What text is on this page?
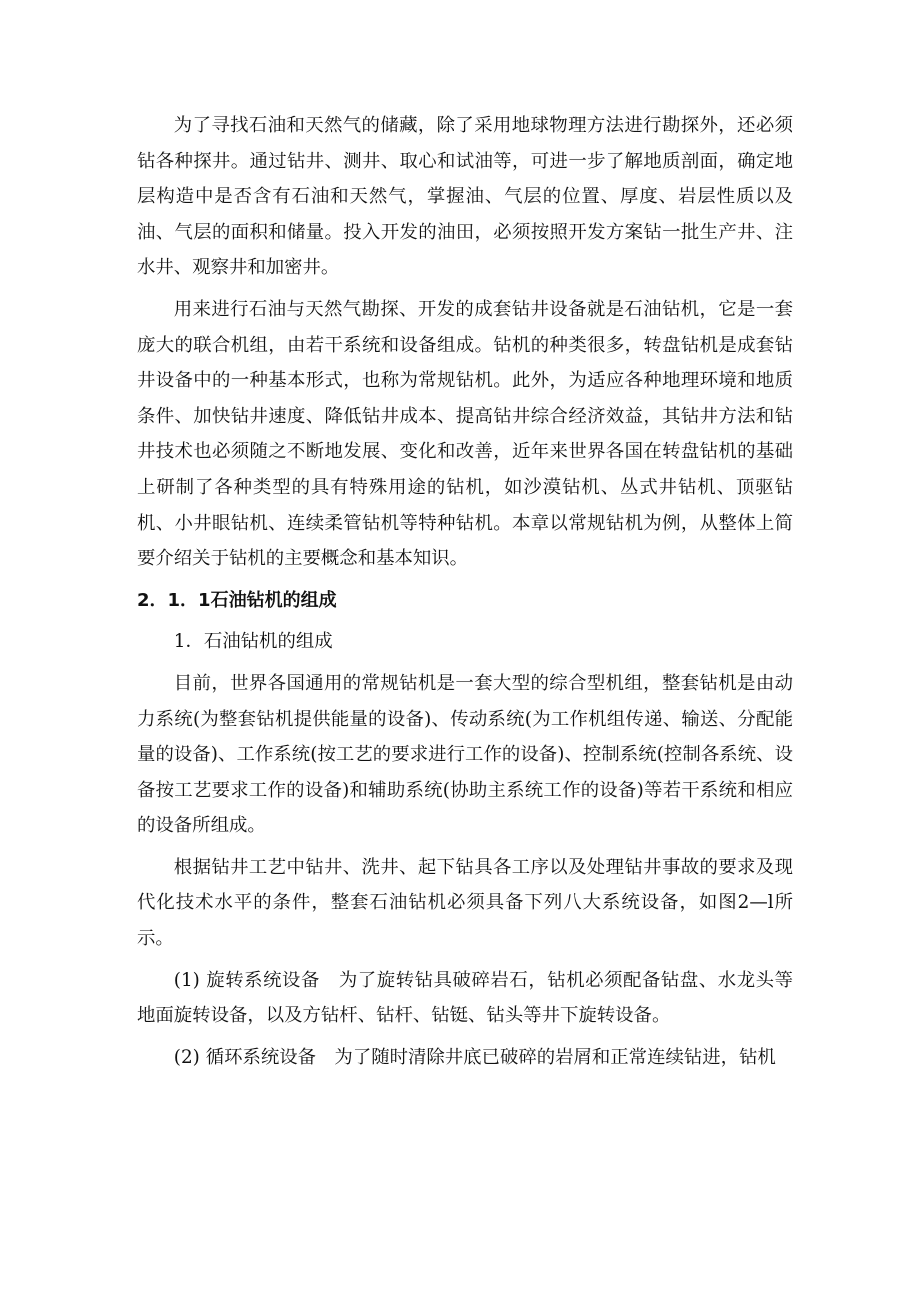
为了寻找石油和天然气的储藏，除了采用地球物理方法进行勘探外，还必须钻各种探井。通过钻井、测井、取心和试油等，可进一步了解地质剖面，确定地层构造中是否含有石油和天然气，掌握油、气层的位置、厚度、岩层性质以及油、气层的面积和储量。投入开发的油田，必须按照开发方案钻一批生产井、注水井、观察井和加密井。

用来进行石油与天然气勘探、开发的成套钻井设备就是石油钻机，它是一套庞大的联合机组，由若干系统和设备组成。钻机的种类很多，转盘钻机是成套钻井设备中的一种基本形式，也称为常规钻机。此外，为适应各种地理环境和地质条件、加快钻井速度、降低钻井成本、提高钻井综合经济效益，其钻井方法和钻井技术也必须随之不断地发展、变化和改善，近年来世界各国在转盘钻机的基础上研制了各种类型的具有特殊用途的钻机，如沙漠钻机、丛式井钻机、顶驱钻机、小井眼钻机、连续柔管钻机等特种钻机。本章以常规钻机为例，从整体上简要介绍关于钻机的主要概念和基本知识。

2．1．1石油钻机的组成

1．石油钻机的组成

目前，世界各国通用的常规钻机是一套大型的综合型机组，整套钻机是由动力系统(为整套钻机提供能量的设备)、传动系统(为工作机组传递、输送、分配能量的设备)、工作系统(按工艺的要求进行工作的设备)、控制系统(控制各系统、设备按工艺要求工作的设备)和辅助系统(协助主系统工作的设备)等若干系统和相应的设备所组成。

根据钻井工艺中钻井、洗井、起下钻具各工序以及处理钻井事故的要求及现代化技术水平的条件，整套石油钻机必须具备下列八大系统设备，如图2—l所示。

(1) 旋转系统设备　为了旋转钻具破碎岩石，钻机必须配备钻盘、水龙头等地面旋转设备，以及方钻杆、钻杆、钻铤、钻头等井下旋转设备。

(2) 循环系统设备　为了随时清除井底已破碎的岩屑和正常连续钻进，钻机
